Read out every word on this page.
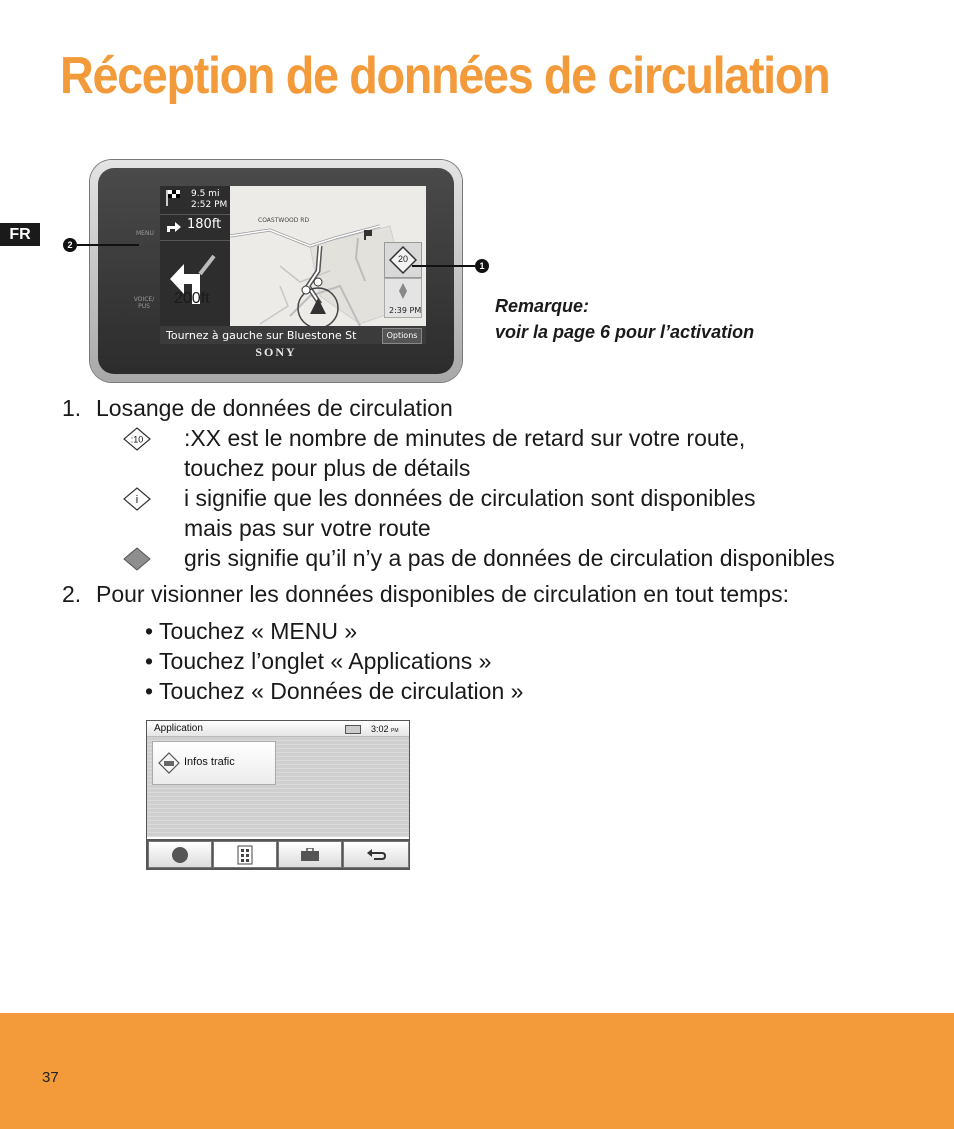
Réception de données de circulation
FR	MENU
VOICE/ PUS
SONY
COASTWOOD RD
9.5 mi
2:52 PM
180ft
200ft
20
2:39 PM
Tournez à gauche sur Bluestone St	Options
2
1
Remarque:
voir la page 6 pour l’activation
1. Losange de données de circulation
:10 :XX est le nombre de minutes de retard sur votre route,
touchez pour plus de détails
i i signifie que les données de circulation sont disponibles
mais pas sur votre route
gris signifie qu’il n’y a pas de données de circulation disponibles
2. Pour visionner les données disponibles de circulation en tout temps:
• Touchez « MENU »
• Touchez l’onglet « Applications »
• Touchez « Données de circulation »
Application	3:02 PM
Infos trafic
37
